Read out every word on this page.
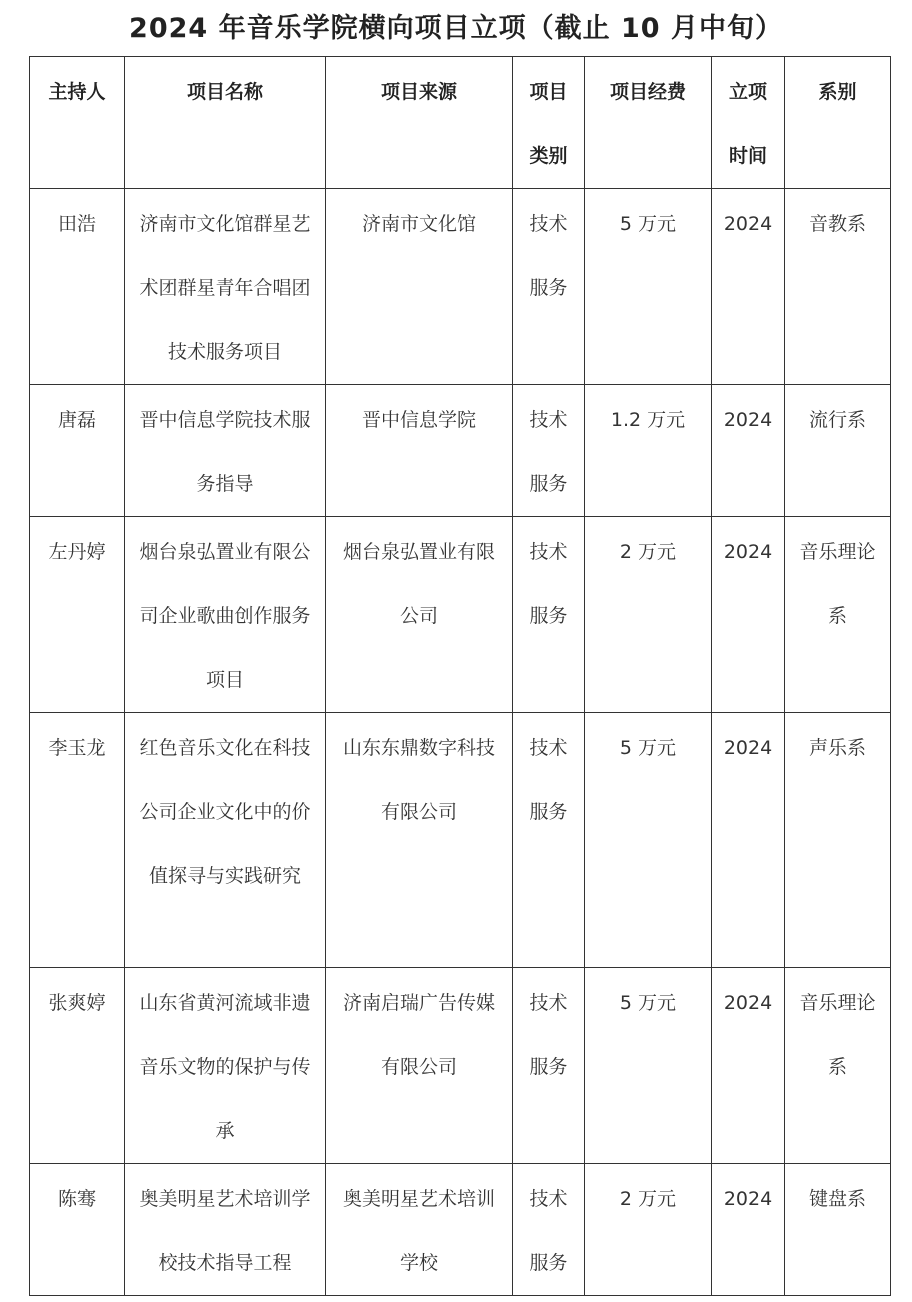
2024 年音乐学院横向项目立项（截止 10 月中旬）
主持人	项目名称	项目来源	项目类别	项目经费	立项时间	系别
田浩	济南市文化馆群星艺术团群星青年合唱团技术服务项目	济南市文化馆	技术服务	5 万元	2024	音教系
唐磊	晋中信息学院技术服务指导	晋中信息学院	技术服务	1.2 万元	2024	流行系
左丹婷	烟台泉弘置业有限公司企业歌曲创作服务项目	烟台泉弘置业有限公司	技术服务	2 万元	2024	音乐理论系
李玉龙	红色音乐文化在科技公司企业文化中的价值探寻与实践研究	山东东鼎数字科技有限公司	技术服务	5 万元	2024	声乐系
张爽婷	山东省黄河流域非遗音乐文物的保护与传承	济南启瑞广告传媒有限公司	技术服务	5 万元	2024	音乐理论系
陈骞	奥美明星艺术培训学校技术指导工程	奥美明星艺术培训学校	技术服务	2 万元	2024	键盘系
